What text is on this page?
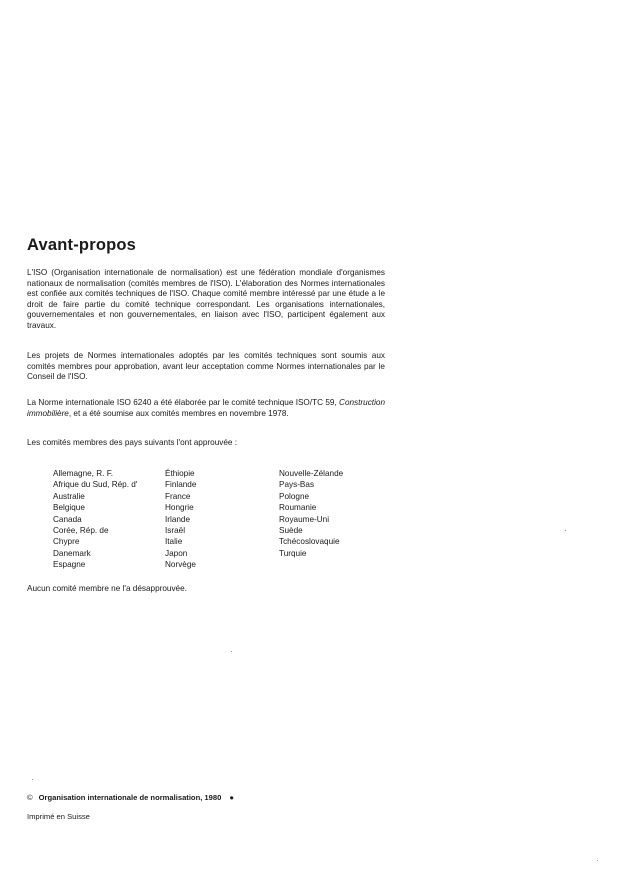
Avant-propos

L'ISO (Organisation internationale de normalisation) est une fédération mondiale d'organismes nationaux de normalisation (comités membres de l'ISO). L'élaboration des Normes internationales est confiée aux comités techniques de l'ISO. Chaque comité membre intéressé par une étude a le droit de faire partie du comité technique correspondant. Les organisations internationales, gouvernementales et non gouvernementales, en liaison avec l'ISO, participent également aux travaux.

Les projets de Normes internationales adoptés par les comités techniques sont soumis aux comités membres pour approbation, avant leur acceptation comme Normes internationales par le Conseil de l'ISO.

La Norme internationale ISO 6240 a été élaborée par le comité technique ISO/TC 59, Construction immobilière, et a été soumise aux comités membres en novembre 1978.

Les comités membres des pays suivants l'ont approuvée :

Allemagne, R. F.
Afrique du Sud, Rép. d'
Australie
Belgique
Canada
Corée, Rép. de
Chypre
Danemark
Espagne
Éthiopie
Finlande
France
Hongrie
Irlande
Israël
Italie
Japon
Norvège
Nouvelle-Zélande
Pays-Bas
Pologne
Roumanie
Royaume-Uni
Suède
Tchécoslovaquie
Turquie

Aucun comité membre ne l'a désapprouvée.

© Organisation internationale de normalisation, 1980 ●
Imprimé en Suisse
